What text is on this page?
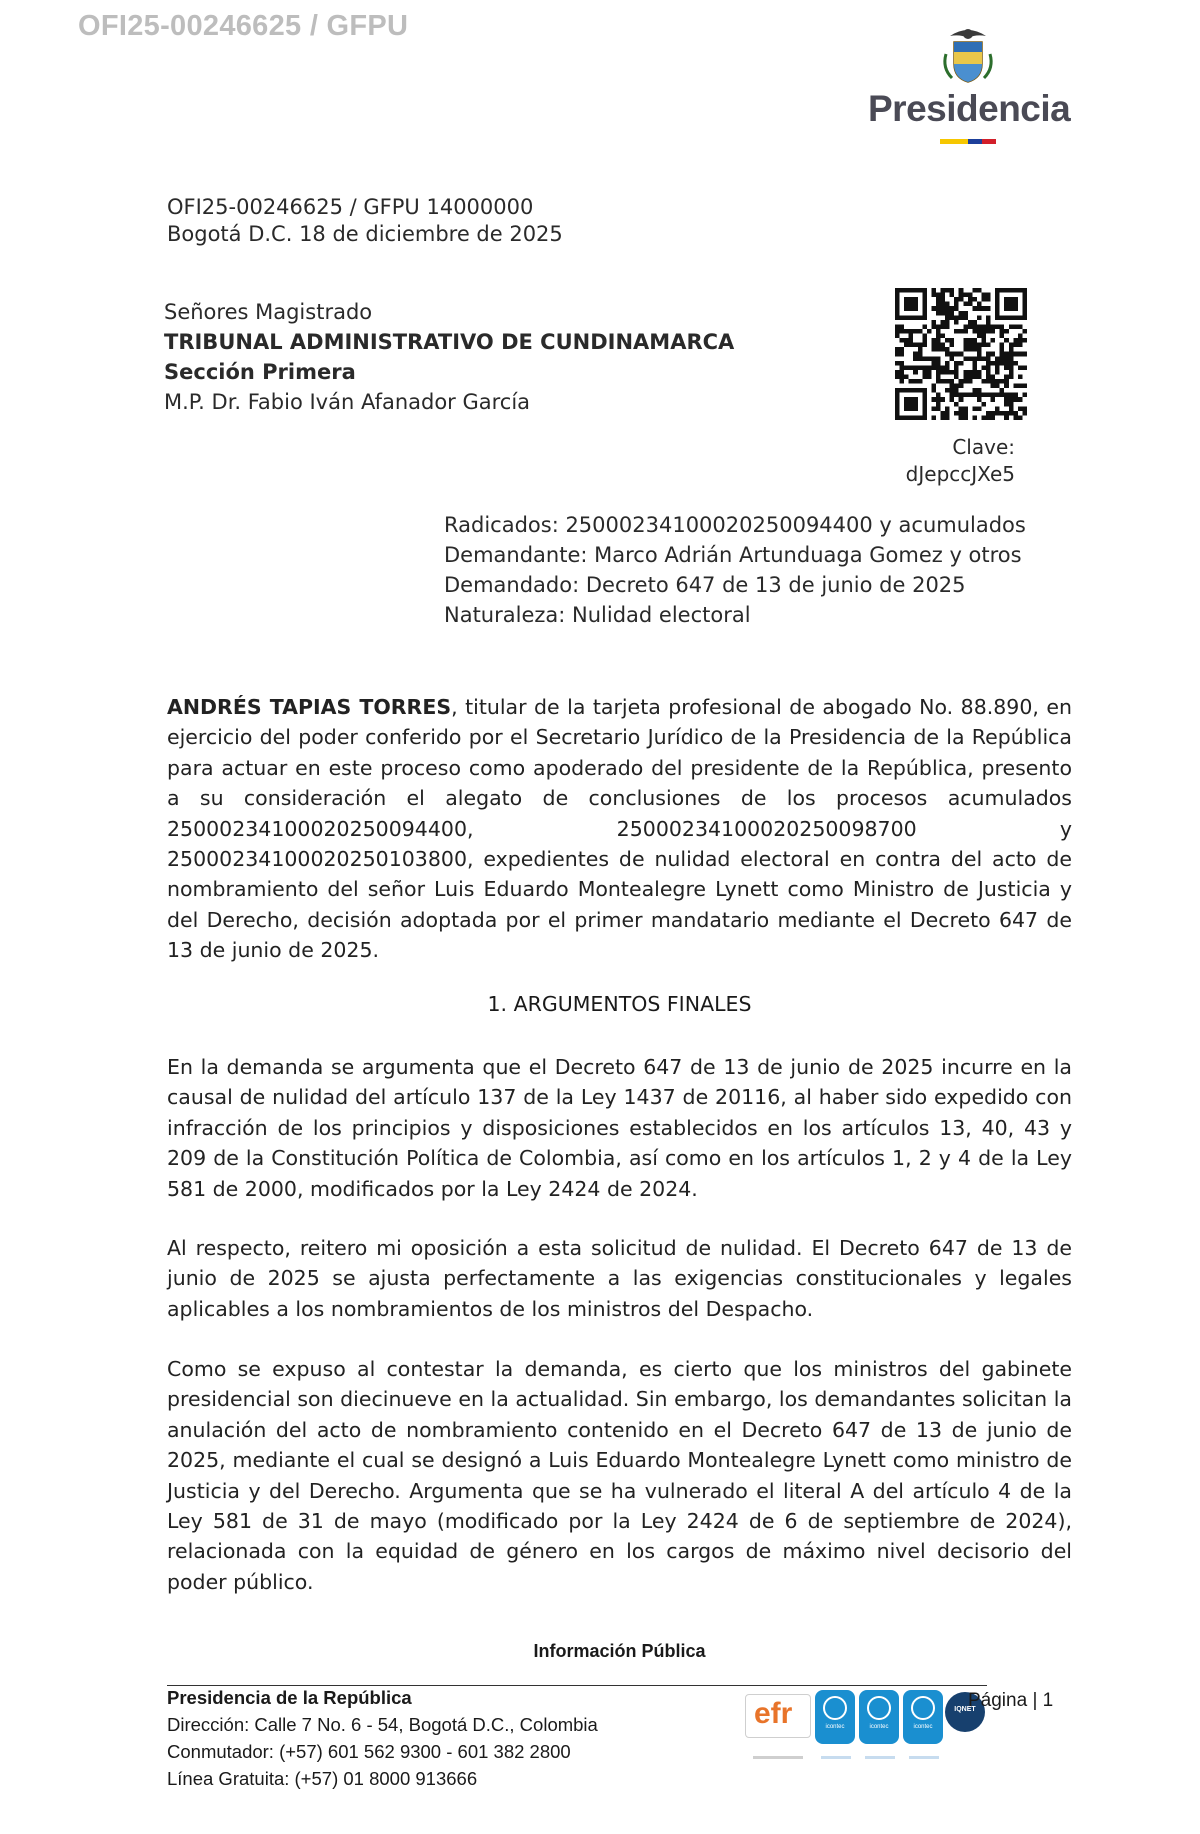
OFI25-00246625 / GFPU
Presidencia
OFI25-00246625 / GFPU 14000000
Bogotá D.C. 18 de diciembre de 2025
Señores Magistrado
TRIBUNAL ADMINISTRATIVO DE CUNDINAMARCA
Sección Primera
M.P. Dr. Fabio Iván Afanador García
Clave:
dJepccJXe5
Radicados: 25000234100020250094400 y acumulados
Demandante: Marco Adrián Artunduaga Gomez y otros
Demandado: Decreto 647 de 13 de junio de 2025
Naturaleza: Nulidad electoral
ANDRÉS TAPIAS TORRES, titular de la tarjeta profesional de abogado No. 88.890, en ejercicio del poder conferido por el Secretario Jurídico de la Presidencia de la República para actuar en este proceso como apoderado del presidente de la República, presento a su consideración el alegato de conclusiones de los procesos acumulados 25000234100020250094400, 25000234100020250098700 y 25000234100020250103800, expedientes de nulidad electoral en contra del acto de nombramiento del señor Luis Eduardo Montealegre Lynett como Ministro de Justicia y del Derecho, decisión adoptada por el primer mandatario mediante el Decreto 647 de 13 de junio de 2025.
1. ARGUMENTOS FINALES
En la demanda se argumenta que el Decreto 647 de 13 de junio de 2025 incurre en la causal de nulidad del artículo 137 de la Ley 1437 de 20116, al haber sido expedido con infracción de los principios y disposiciones establecidos en los artículos 13, 40, 43 y 209 de la Constitución Política de Colombia, así como en los artículos 1, 2 y 4 de la Ley 581 de 2000, modificados por la Ley 2424 de 2024.
Al respecto, reitero mi oposición a esta solicitud de nulidad. El Decreto 647 de 13 de junio de 2025 se ajusta perfectamente a las exigencias constitucionales y legales aplicables a los nombramientos de los ministros del Despacho.
Como se expuso al contestar la demanda, es cierto que los ministros del gabinete presidencial son diecinueve en la actualidad. Sin embargo, los demandantes solicitan la anulación del acto de nombramiento contenido en el Decreto 647 de 13 de junio de 2025, mediante el cual se designó a Luis Eduardo Montealegre Lynett como ministro de Justicia y del Derecho. Argumenta que se ha vulnerado el literal A del artículo 4 de la Ley 581 de 31 de mayo (modificado por la Ley 2424 de 6 de septiembre de 2024), relacionada con la equidad de género en los cargos de máximo nivel decisorio del poder público.
Información Pública
Presidencia de la República
Dirección: Calle 7 No. 6 - 54, Bogotá D.C., Colombia
Conmutador: (+57) 601 562 9300 - 601 382 2800
Línea Gratuita: (+57) 01 8000 913666
efr	icontec	icontec	icontec
IQNET
Página | 1
